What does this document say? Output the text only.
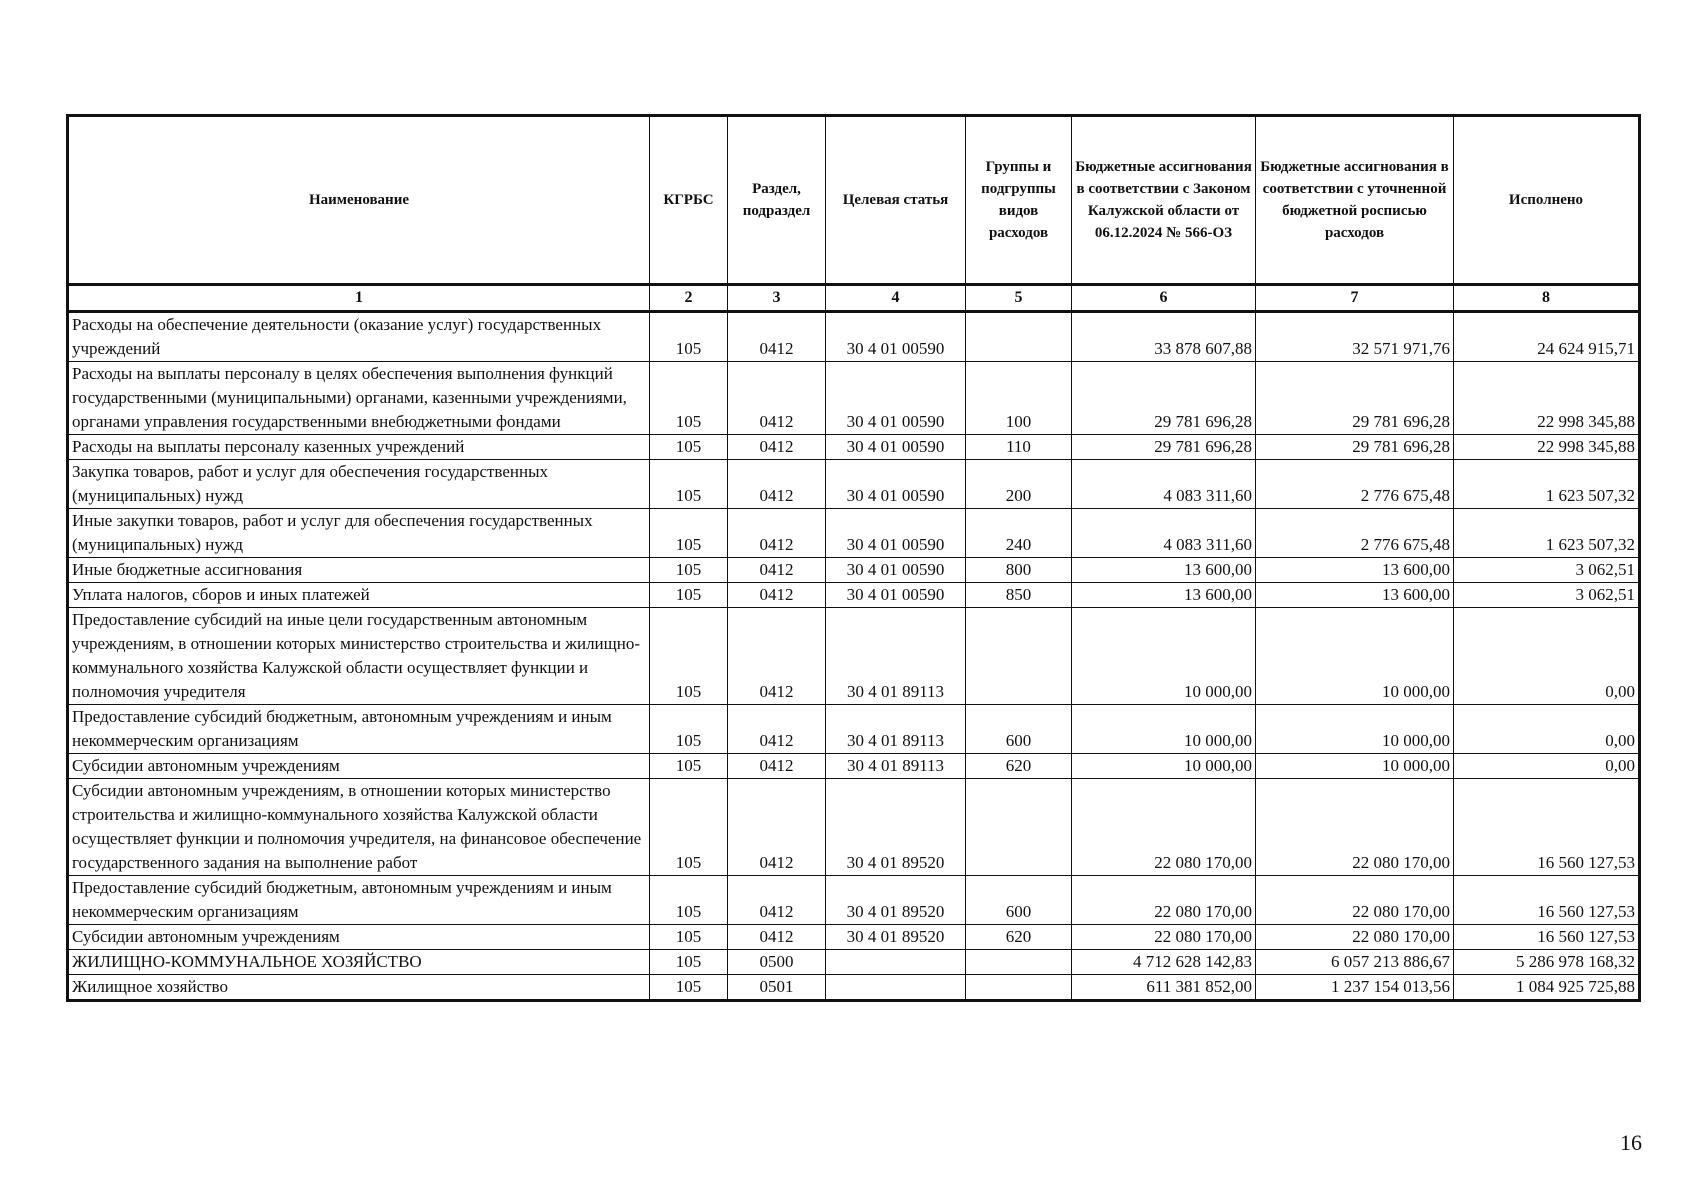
Наименование	КГРБС	Раздел, подраздел	Целевая статья	Группы и подгруппы видов расходов	Бюджетные ассигнования в соответствии с Законом Калужской области от 06.12.2024 № 566-ОЗ	Бюджетные ассигнования в соответствии с уточненной бюджетной росписью расходов	Исполнено
1	2	3	4	5	6	7	8
Расходы на обеспечение деятельности (оказание услуг) государственных учреждений	105	0412	30 4 01 00590		33 878 607,88	32 571 971,76	24 624 915,71
Расходы на выплаты персоналу в целях обеспечения выполнения функций государственными (муниципальными) органами, казенными учреждениями, органами управления государственными внебюджетными фондами	105	0412	30 4 01 00590	100	29 781 696,28	29 781 696,28	22 998 345,88
Расходы на выплаты персоналу казенных учреждений	105	0412	30 4 01 00590	110	29 781 696,28	29 781 696,28	22 998 345,88
Закупка товаров, работ и услуг для обеспечения государственных (муниципальных) нужд	105	0412	30 4 01 00590	200	4 083 311,60	2 776 675,48	1 623 507,32
Иные закупки товаров, работ и услуг для обеспечения государственных (муниципальных) нужд	105	0412	30 4 01 00590	240	4 083 311,60	2 776 675,48	1 623 507,32
Иные бюджетные ассигнования	105	0412	30 4 01 00590	800	13 600,00	13 600,00	3 062,51
Уплата налогов, сборов и иных платежей	105	0412	30 4 01 00590	850	13 600,00	13 600,00	3 062,51
Предоставление субсидий на иные цели государственным автономным учреждениям, в отношении которых министерство строительства и жилищно-коммунального хозяйства Калужской области осуществляет функции и полномочия учредителя	105	0412	30 4 01 89113		10 000,00	10 000,00	0,00
Предоставление субсидий бюджетным, автономным учреждениям и иным некоммерческим организациям	105	0412	30 4 01 89113	600	10 000,00	10 000,00	0,00
Субсидии автономным учреждениям	105	0412	30 4 01 89113	620	10 000,00	10 000,00	0,00
Субсидии автономным учреждениям, в отношении которых министерство строительства и жилищно-коммунального хозяйства Калужской области осуществляет функции и полномочия учредителя, на финансовое обеспечение государственного задания на выполнение работ	105	0412	30 4 01 89520		22 080 170,00	22 080 170,00	16 560 127,53
Предоставление субсидий бюджетным, автономным учреждениям и иным некоммерческим организациям	105	0412	30 4 01 89520	600	22 080 170,00	22 080 170,00	16 560 127,53
Субсидии автономным учреждениям	105	0412	30 4 01 89520	620	22 080 170,00	22 080 170,00	16 560 127,53
ЖИЛИЩНО-КОММУНАЛЬНОЕ ХОЗЯЙСТВО	105	0500			4 712 628 142,83	6 057 213 886,67	5 286 978 168,32
Жилищное хозяйство	105	0501			611 381 852,00	1 237 154 013,56	1 084 925 725,88
16
